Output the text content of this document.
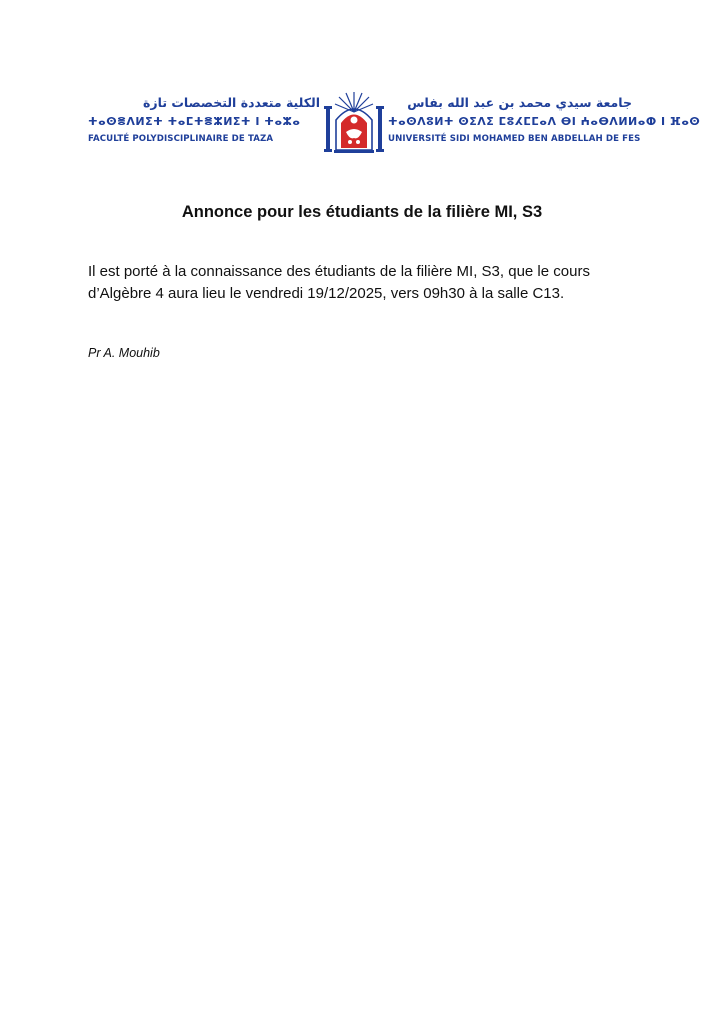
الكلية متعددة التخصصات تازة
ⵜⴰⵙⴻⴷⵍⵉⵜ ⵜⴰⵎⵜⴻⵣⵍⵉⵜ ⵏ ⵜⴰⵣⴰ
FACULTÉ POLYDISCIPLINAIRE DE TAZA
جامعة سيدي محمد بن عبد الله بفاس
ⵜⴰⵙⴷⵓⵍⵜ ⵙⵉⴷⵉ ⵎⵓⵃⵎⵎⴰⴷ ⴱⵏ ⵄⴰⴱⴷⵍⵍⴰⵀ ⵏ ⴼⴰⵙ
UNIVERSITÉ SIDI MOHAMED BEN ABDELLAH DE FES
Annonce pour les étudiants de la filière MI, S3

Il est porté à la connaissance des étudiants de la filière MI, S3, que le cours

d’Algèbre 4 aura lieu le vendredi 19/12/2025, vers 09h30 à la salle C13.

Pr A. Mouhib
